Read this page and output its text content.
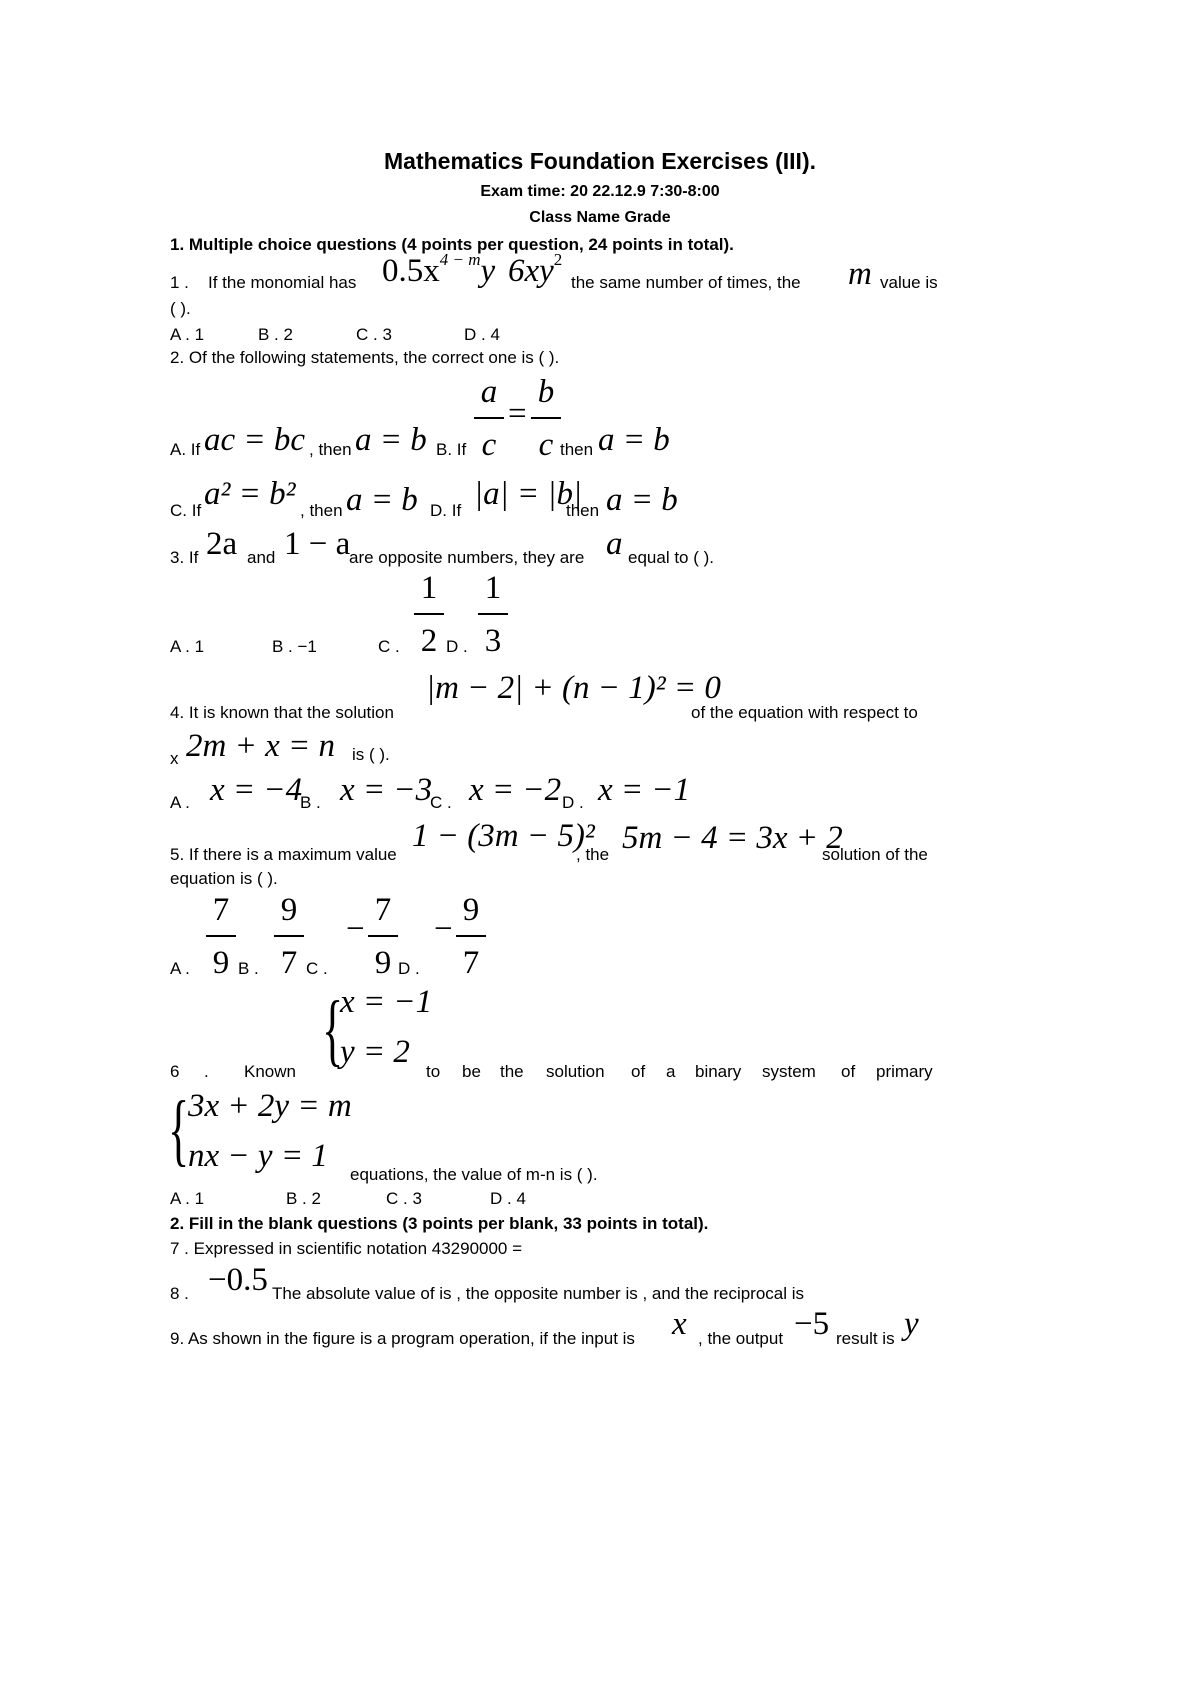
Mathematics Foundation Exercises (III).
Exam time: 20 22.12.9 7:30-8:00
Class Name Grade
1. Multiple choice questions (4 points per question, 24 points in total).
1 . If the monomial has $0.5x^{4 - m}y$ $6xy^2$
the same number of times, the m value is
( ).
A . 1	B . 2	C . 3	D . 4
2. Of the following statements, the correct one is ( ).
A. If ac = bc , then a = b B. If
a
c
=
b
c then a = b
C. If a² = b² , then a = b D. If |a| = |b|
then a = b
3. If 2a and 1 − a
are opposite numbers, they are a equal to ( ).
A . 1	B . −1	C .
1
2 D .
1
3
4. It is known that the solution
|m − 2| + (n − 1)² = 0
of the equation with respect to
x 2m + x = n is ( ).
A . x = −4
B . x = −3
C . x = −2 D . x = −1
5. If there is a maximum value
1 − (3m − 5)²
, the 5m − 4 = 3x + 2
solution of the
equation is ( ).
A .
7
9 B .
9
7 C .
−
7
9 D .
−
9
7
{
x = −1
y = 2
6 . Known	to be the solution of a binary system of primary
{
3x + 2y = m
nx − y = 1
equations, the value of m-n is ( ).
A . 1	B . 2	C . 3	D . 4
2. Fill in the blank questions (3 points per blank, 33 points in total).
7 . Expressed in scientific notation 43290000 =
8 . −0.5 The absolute value of is , the opposite number is , and the reciprocal is
9. As shown in the figure is a program operation, if the input is x , the output −5 result is y
